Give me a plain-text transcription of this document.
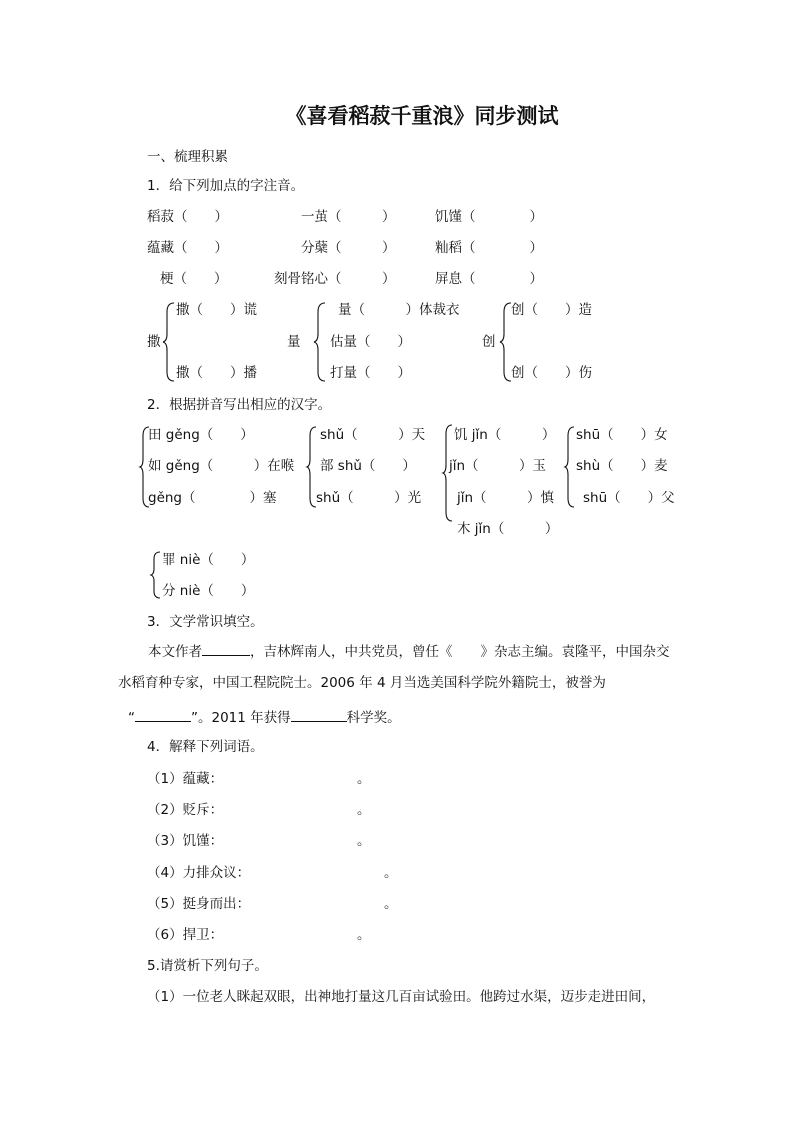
《喜看稻菽千重浪》同步测试
一、梳理积累
1．给下列加点的字注音。
稻菽（　　）	一茧（　　　）	饥馑（　　　　）
蕴藏（　　）	分蘖（　　　）	籼稻（　　　　）
梗（　　）	刻骨铭心（　　　）	屏息（　　　　）
撒
撒（　　）谎
撒（　　）播
量
量（　　　）体裁衣
估量（　　）
打量（　　）
创
创（　　）造
创（　　）伤
2．根据拼音写出相应的汉字。
田 gěng（　　）
如 gěng（　　　）在喉
gěng（　　　　）塞
shǔ（　　　）天
部 shǔ（　　）
shǔ（　　　）光
饥 jǐn（　　　）
jǐn（　　　）玉
jǐn（　　　）慎
木 jǐn（　　　）
shū（　　）女
shù（　　）麦
shū（　　）父
罪 niè（　　）
分 niè（　　）
3．文学常识填空。
本文作者	，吉林辉南人，中共党员，曾任《 》杂志主编。袁隆平，中国杂交水稻育种专家，中国工程院院士。2006 年 4 月当选美国科学院外籍院士，被誉为
“	”。2011 年获得	科学奖。
4．解释下列词语。
（1）蕴藏：	。
（2）贬斥：	。
（3）饥馑：	。
（4）力排众议：	。
（5）挺身而出：	。
（6）捍卫：	。
5.请赏析下列句子。
（1）一位老人眯起双眼，出神地打量这几百亩试验田。他跨过水渠，迈步走进田间，
